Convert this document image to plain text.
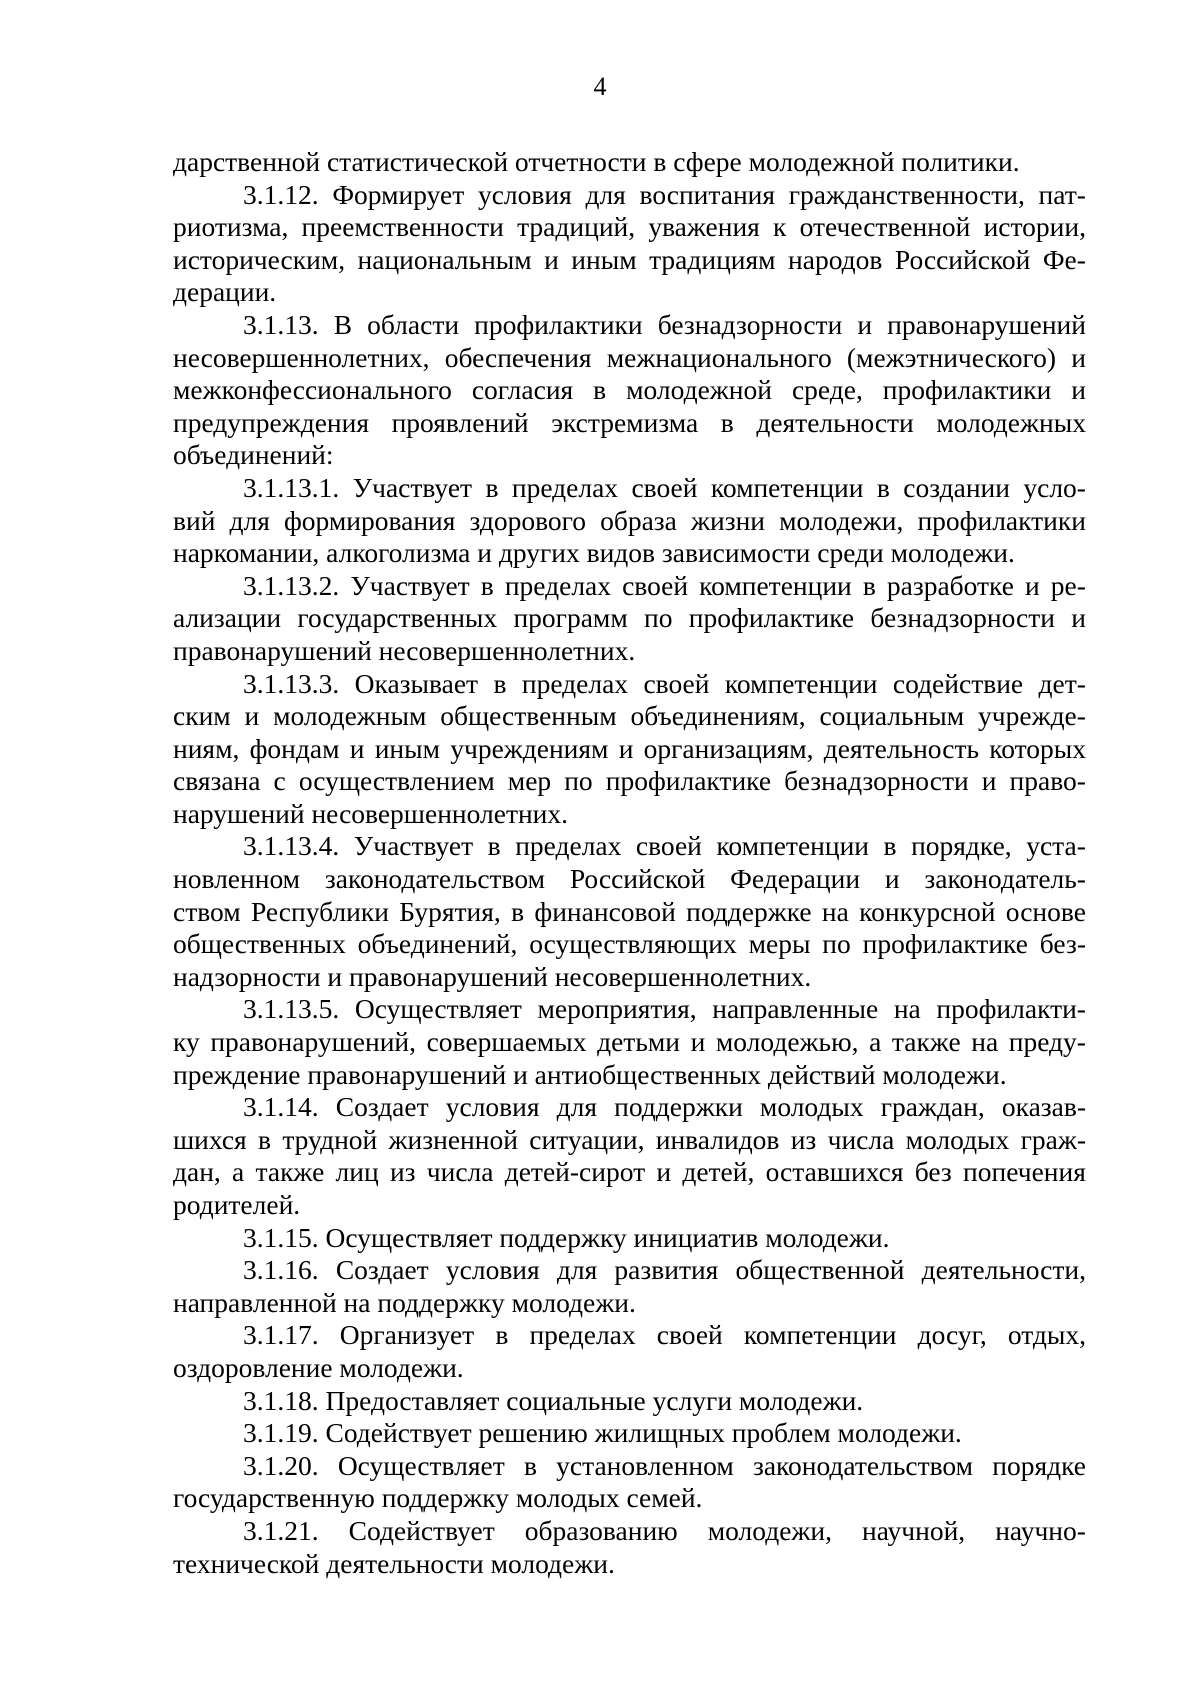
4
дарственной статистической отчетности в сфере молодежной политики.
3.1.12. Формирует условия для воспитания гражданственности, пат-
риотизма, преемственности традиций, уважения к отечественной истории,
историческим, национальным и иным традициям народов Российской Фе-
дерации.
3.1.13. В области профилактики безнадзорности и правонарушений
несовершеннолетних, обеспечения межнационального (межэтнического) и
межконфессионального согласия в молодежной среде, профилактики и
предупреждения проявлений экстремизма в деятельности молодежных
объединений:
3.1.13.1. Участвует в пределах своей компетенции в создании усло-
вий для формирования здорового образа жизни молодежи, профилактики
наркомании, алкоголизма и других видов зависимости среди молодежи.
3.1.13.2. Участвует в пределах своей компетенции в разработке и ре-
ализации государственных программ по профилактике безнадзорности и
правонарушений несовершеннолетних.
3.1.13.3. Оказывает в пределах своей компетенции содействие дет-
ским и молодежным общественным объединениям, социальным учрежде-
ниям, фондам и иным учреждениям и организациям, деятельность которых
связана с осуществлением мер по профилактике безнадзорности и право-
нарушений несовершеннолетних.
3.1.13.4. Участвует в пределах своей компетенции в порядке, уста-
новленном законодательством Российской Федерации и законодатель-
ством Республики Бурятия, в финансовой поддержке на конкурсной основе
общественных объединений, осуществляющих меры по профилактике без-
надзорности и правонарушений несовершеннолетних.
3.1.13.5. Осуществляет мероприятия, направленные на профилакти-
ку правонарушений, совершаемых детьми и молодежью, а также на преду-
преждение правонарушений и антиобщественных действий молодежи.
3.1.14. Создает условия для поддержки молодых граждан, оказав-
шихся в трудной жизненной ситуации, инвалидов из числа молодых граж-
дан, а также лиц из числа детей-сирот и детей, оставшихся без попечения
родителей.
3.1.15. Осуществляет поддержку инициатив молодежи.
3.1.16. Создает условия для развития общественной деятельности,
направленной на поддержку молодежи.
3.1.17. Организует в пределах своей компетенции досуг, отдых,
оздоровление молодежи.
3.1.18. Предоставляет социальные услуги молодежи.
3.1.19. Содействует решению жилищных проблем молодежи.
3.1.20. Осуществляет в установленном законодательством порядке
государственную поддержку молодых семей.
3.1.21. Содействует образованию молодежи, научной, научно-
технической деятельности молодежи.
